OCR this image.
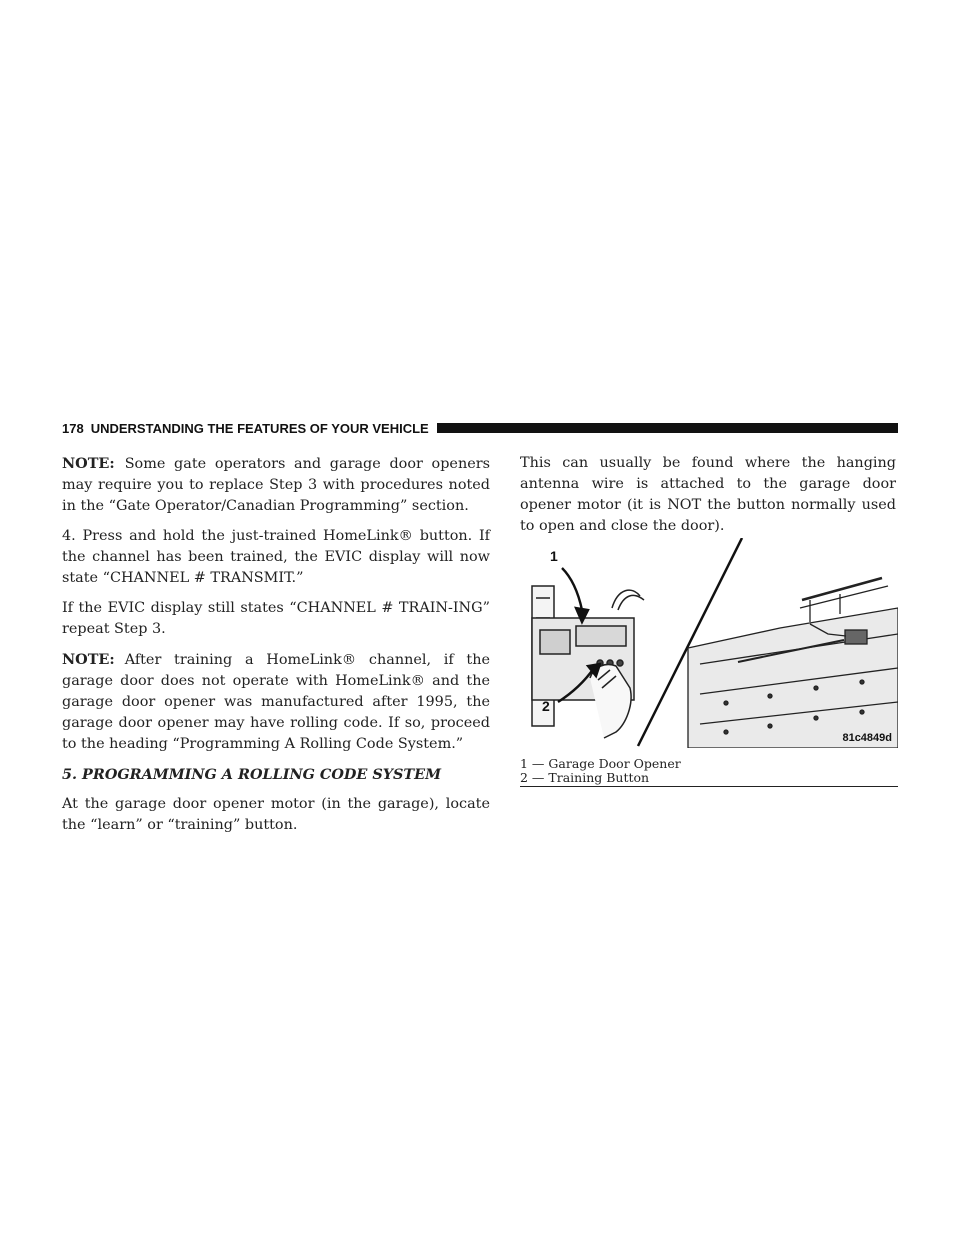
178 UNDERSTANDING THE FEATURES OF YOUR VEHICLE

NOTE: Some gate operators and garage door openers may require you to replace Step 3 with procedures noted in the “Gate Operator/Canadian Programming” section.

4. Press and hold the just-trained HomeLink® button. If the channel has been trained, the EVIC display will now state “CHANNEL # TRANSMIT.”

If the EVIC display still states “CHANNEL # TRAIN-ING” repeat Step 3.

NOTE: After training a HomeLink® channel, if the garage door does not operate with HomeLink® and the garage door opener was manufactured after 1995, the garage door opener may have rolling code. If so, proceed to the heading “Programming A Rolling Code System.”

5. PROGRAMMING A ROLLING CODE SYSTEM

At the garage door opener motor (in the garage), locate the “learn” or “training” button.

This can usually be found where the hanging antenna wire is attached to the garage door opener motor (it is NOT the button normally used to open and close the door).

1
2
81c4849d
1 — Garage Door Opener
2 — Training Button
